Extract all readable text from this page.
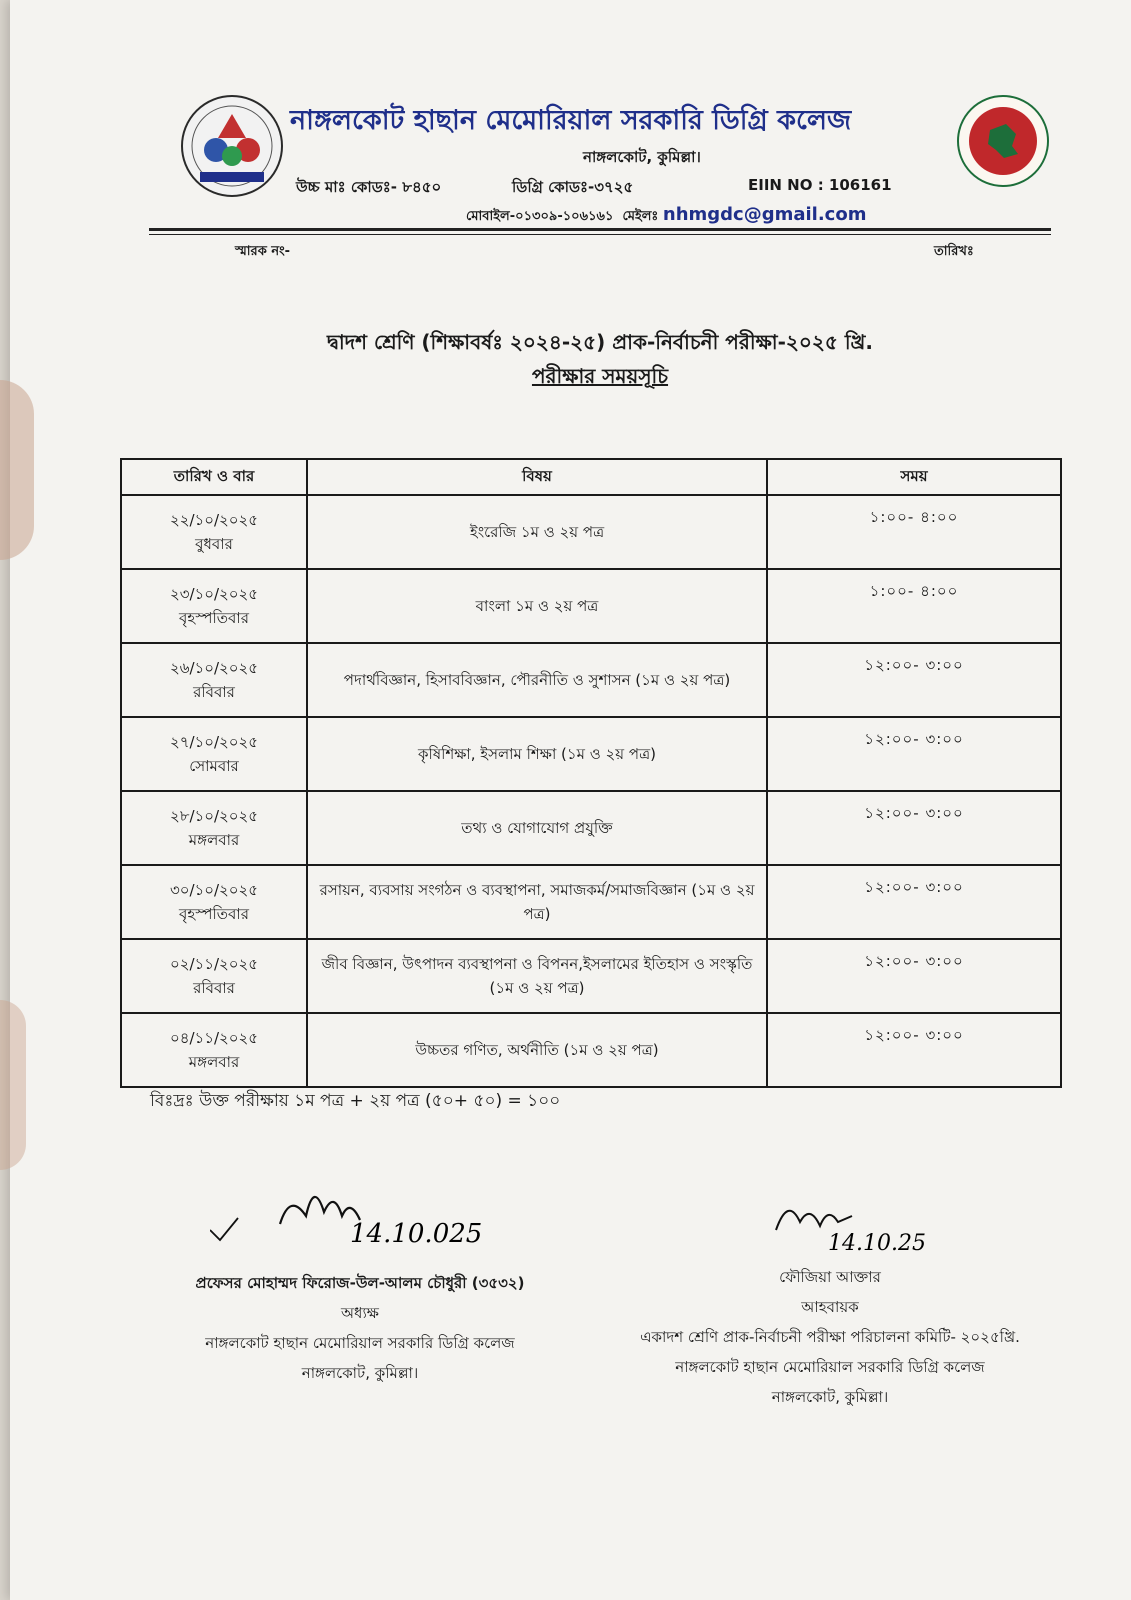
নাঙ্গলকোট হাছান মেমোরিয়াল সরকারি ডিগ্রি কলেজ
নাঙ্গলকোট, কুমিল্লা।
উচ্চ মাঃ কোডঃ- ৮৪৫০	ডিগ্রি কোডঃ-৩৭২৫	EIIN NO : 106161
মোবাইল-০১৩০৯-১০৬১৬১ মেইলঃ nhmgdc@gmail.com
স্মারক নং-	তারিখঃ
দ্বাদশ শ্রেণি (শিক্ষাবর্ষঃ ২০২৪-২৫) প্রাক-নির্বাচনী পরীক্ষা-২০২৫ খ্রি.
পরীক্ষার সময়সূচি
তারিখ ও বার	বিষয়	সময়

২২/১০/২০২৫
বুধবার	ইংরেজি ১ম ও ২য় পত্র	১:০০- ৪:০০

২৩/১০/২০২৫
বৃহস্পতিবার	বাংলা ১ম ও ২য় পত্র	১:০০- ৪:০০

২৬/১০/২০২৫
রবিবার	পদার্থবিজ্ঞান, হিসাববিজ্ঞান, পৌরনীতি ও সুশাসন (১ম ও ২য় পত্র)	১২:০০- ৩:০০

২৭/১০/২০২৫
সোমবার	কৃষিশিক্ষা, ইসলাম শিক্ষা (১ম ও ২য় পত্র)	১২:০০- ৩:০০

২৮/১০/২০২৫
মঙ্গলবার	তথ্য ও যোগাযোগ প্রযুক্তি	১২:০০- ৩:০০

৩০/১০/২০২৫
বৃহস্পতিবার	রসায়ন, ব্যবসায় সংগঠন ও ব্যবস্থাপনা, সমাজকর্ম/সমাজবিজ্ঞান (১ম ও ২য় পত্র)	১২:০০- ৩:০০

০২/১১/২০২৫
রবিবার	জীব বিজ্ঞান, উৎপাদন ব্যবস্থাপনা ও বিপনন,ইসলামের ইতিহাস ও সংস্কৃতি (১ম ও ২য় পত্র)	১২:০০- ৩:০০

০৪/১১/২০২৫
মঙ্গলবার	উচ্চতর গণিত, অর্থনীতি (১ম ও ২য় পত্র)	১২:০০- ৩:০০
বিঃদ্রঃ উক্ত পরীক্ষায় ১ম পত্র + ২য় পত্র (৫০+ ৫০) = ১০০
14.10.025	14.10.25
প্রফেসর মোহাম্মদ ফিরোজ-উল-আলম চৌধুরী (৩৫৩২)
অধ্যক্ষ
নাঙ্গলকোট হাছান মেমোরিয়াল সরকারি ডিগ্রি কলেজ
নাঙ্গলকোট, কুমিল্লা।
ফৌজিয়া আক্তার
আহবায়ক
একাদশ শ্রেণি প্রাক-নির্বাচনী পরীক্ষা পরিচালনা কমিটি- ২০২৫খ্রি.
নাঙ্গলকোট হাছান মেমোরিয়াল সরকারি ডিগ্রি কলেজ
নাঙ্গলকোট, কুমিল্লা।
